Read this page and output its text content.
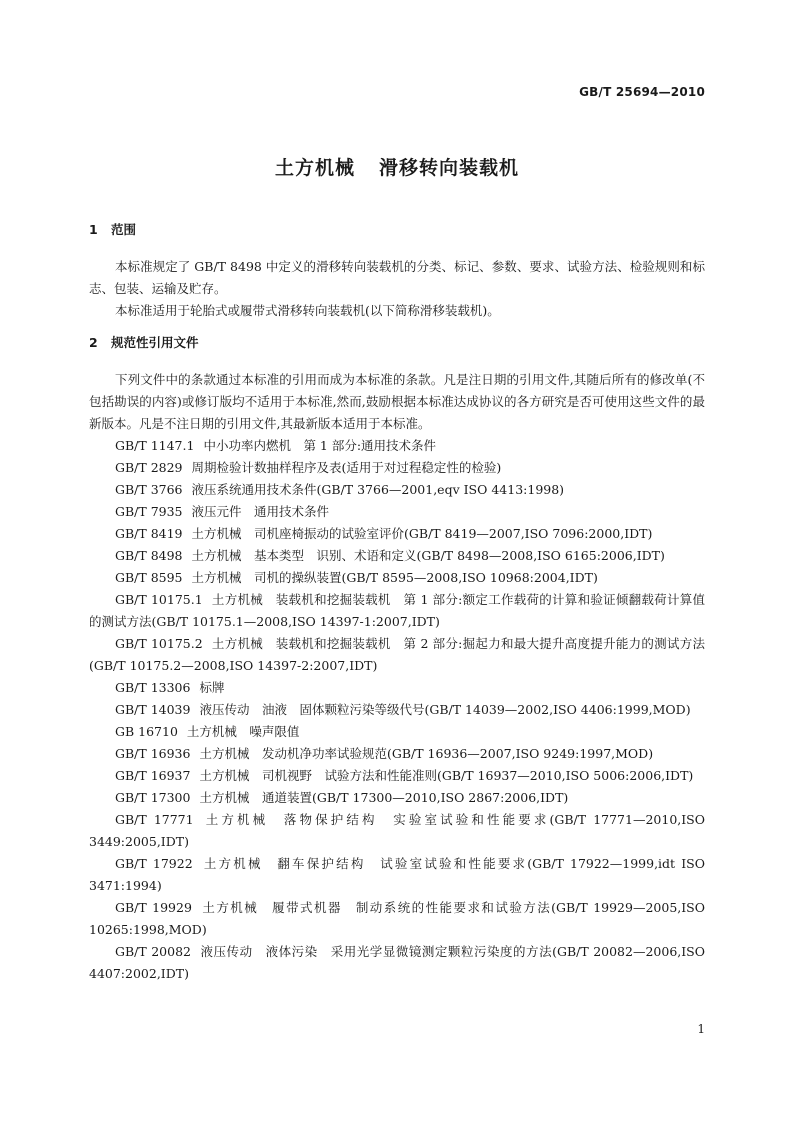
GB/T 25694—2010
土方机械 滑移转向装载机
1 范围

本标准规定了 GB/T 8498 中定义的滑移转向装载机的分类、标记、参数、要求、试验方法、检验规则和标志、包装、运输及贮存。

本标准适用于轮胎式或履带式滑移转向装载机(以下简称滑移装载机)。

2 规范性引用文件

下列文件中的条款通过本标准的引用而成为本标准的条款。凡是注日期的引用文件,其随后所有的修改单(不包括勘误的内容)或修订版均不适用于本标准,然而,鼓励根据本标准达成协议的各方研究是否可使用这些文件的最新版本。凡是不注日期的引用文件,其最新版本适用于本标准。

GB/T 1147.1 中小功率内燃机　第 1 部分:通用技术条件
GB/T 2829 周期检验计数抽样程序及表(适用于对过程稳定性的检验)
GB/T 3766 液压系统通用技术条件(GB/T 3766—2001,eqv ISO 4413:1998)
GB/T 7935 液压元件　通用技术条件
GB/T 8419 土方机械　司机座椅振动的试验室评价(GB/T 8419—2007,ISO 7096:2000,IDT)
GB/T 8498 土方机械　基本类型　识别、术语和定义(GB/T 8498—2008,ISO 6165:2006,IDT)
GB/T 8595 土方机械　司机的操纵装置(GB/T 8595—2008,ISO 10968:2004,IDT)
GB/T 10175.1 土方机械　装载机和挖掘装载机　第 1 部分:额定工作载荷的计算和验证倾翻载荷计算值的测试方法(GB/T 10175.1—2008,ISO 14397-1:2007,IDT)
GB/T 10175.2 土方机械　装载机和挖掘装载机　第 2 部分:掘起力和最大提升高度提升能力的测试方法(GB/T 10175.2—2008,ISO 14397-2:2007,IDT)
GB/T 13306 标牌
GB/T 14039 液压传动　油液　固体颗粒污染等级代号(GB/T 14039—2002,ISO 4406:1999,MOD)
GB 16710 土方机械　噪声限值
GB/T 16936 土方机械　发动机净功率试验规范(GB/T 16936—2007,ISO 9249:1997,MOD)
GB/T 16937 土方机械　司机视野　试验方法和性能准则(GB/T 16937—2010,ISO 5006:2006,IDT)
GB/T 17300 土方机械　通道装置(GB/T 17300—2010,ISO 2867:2006,IDT)
GB/T 17771 土方机械　落物保护结构　实验室试验和性能要求(GB/T 17771—2010,ISO 3449:2005,IDT)
GB/T 17922 土方机械　翻车保护结构　试验室试验和性能要求(GB/T 17922—1999,idt ISO 3471:1994)
GB/T 19929 土方机械　履带式机器　制动系统的性能要求和试验方法(GB/T 19929—2005,ISO 10265:1998,MOD)
GB/T 20082 液压传动　液体污染　采用光学显微镜测定颗粒污染度的方法(GB/T 20082—2006,ISO 4407:2002,IDT)
1
